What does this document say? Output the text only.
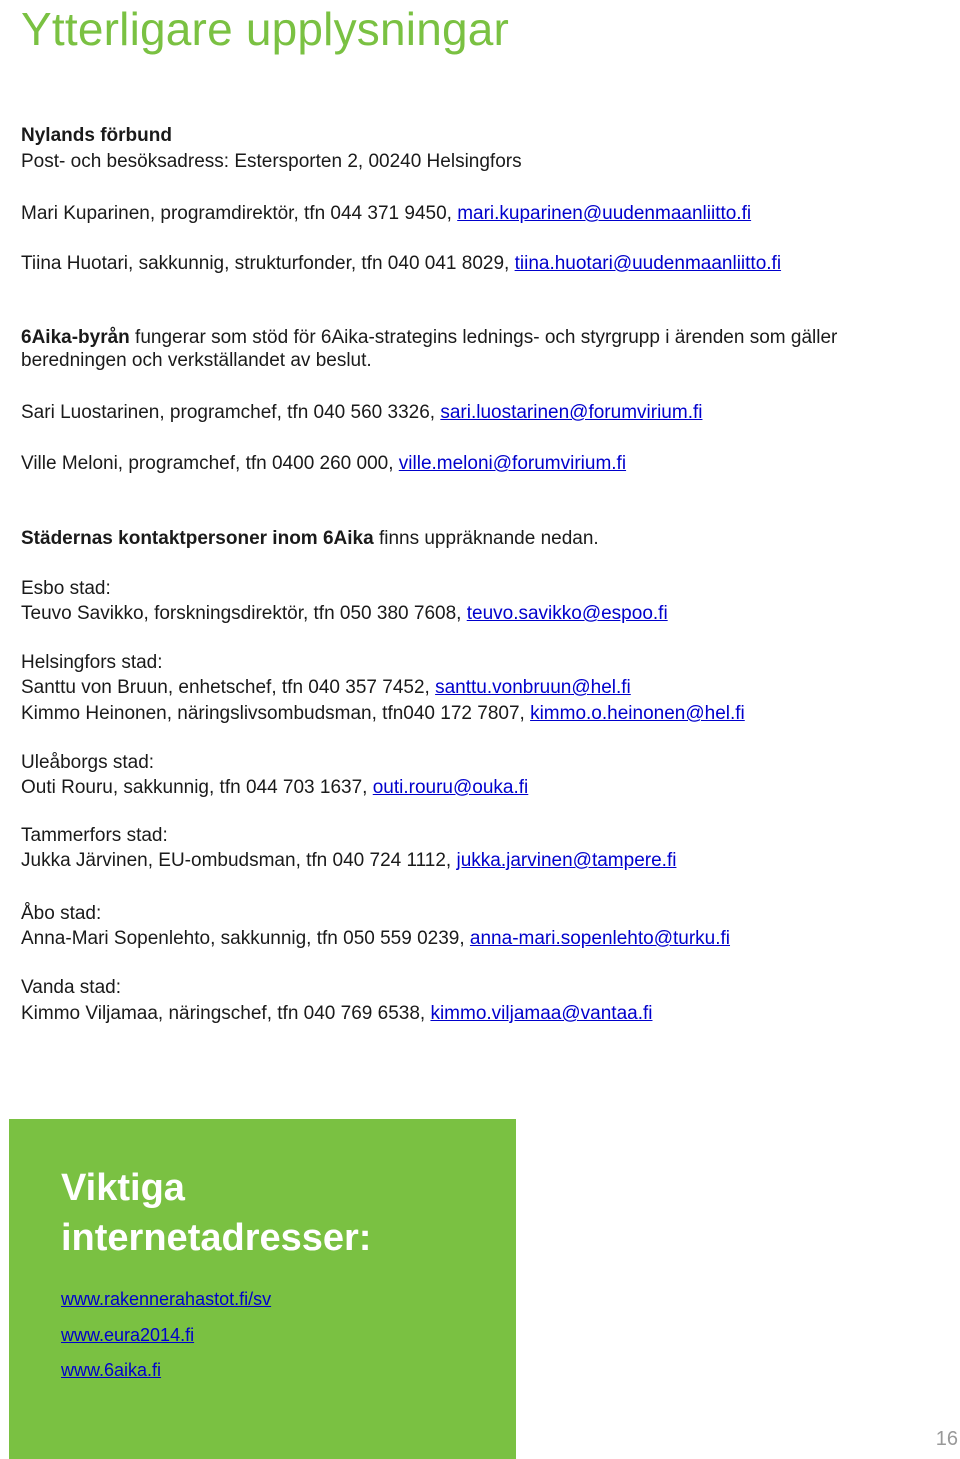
Ytterligare upplysningar
Nylands förbund
Post- och besöksadress: Estersporten 2, 00240 Helsingfors
Mari Kuparinen, programdirektör, tfn 044 371 9450, mari.kuparinen@uudenmaanliitto.fi
Tiina Huotari, sakkunnig, strukturfonder, tfn 040 041 8029, tiina.huotari@uudenmaanliitto.fi
6Aika-byrån fungerar som stöd för 6Aika-strategins lednings- och styrgrupp i ärenden som gäller
beredningen och verkställandet av beslut.
Sari Luostarinen, programchef, tfn 040 560 3326, sari.luostarinen@forumvirium.fi
Ville Meloni, programchef, tfn 0400 260 000, ville.meloni@forumvirium.fi
Städernas kontaktpersoner inom 6Aika finns uppräknande nedan.
Esbo stad:
Teuvo Savikko, forskningsdirektör, tfn 050 380 7608, teuvo.savikko@espoo.fi
Helsingfors stad:
Santtu von Bruun, enhetschef, tfn 040 357 7452, santtu.vonbruun@hel.fi
Kimmo Heinonen, näringslivsombudsman, tfn040 172 7807, kimmo.o.heinonen@hel.fi
Uleåborgs stad:
Outi Rouru, sakkunnig, tfn 044 703 1637, outi.rouru@ouka.fi
Tammerfors stad:
Jukka Järvinen, EU-ombudsman, tfn 040 724 1112, jukka.jarvinen@tampere.fi
Åbo stad:
Anna-Mari Sopenlehto, sakkunnig, tfn 050 559 0239, anna-mari.sopenlehto@turku.fi
Vanda stad:
Kimmo Viljamaa, näringschef, tfn 040 769 6538, kimmo.viljamaa@vantaa.fi
Viktiga
internetadresser:
www.rakennerahastot.fi/sv
www.eura2014.fi
www.6aika.fi
16
